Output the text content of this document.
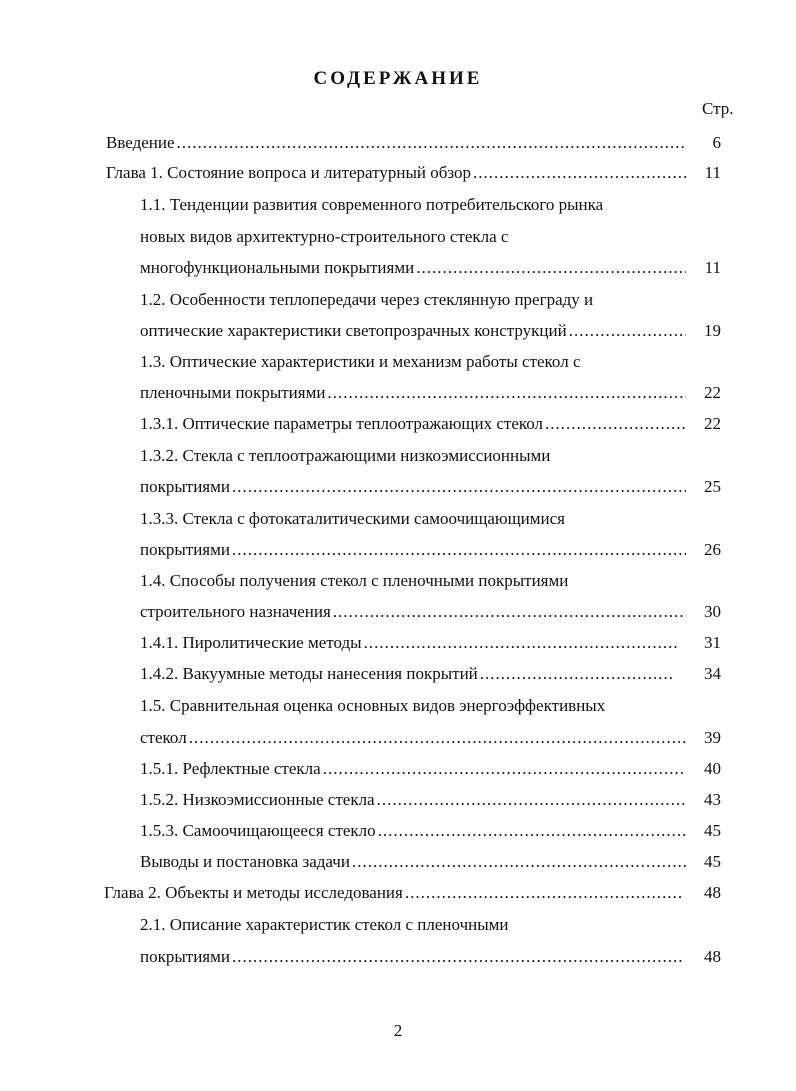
СОДЕРЖАНИЕ
Стр.
Введение .....	6
Глава 1. Состояние вопроса и литературный обзор .....	11
1.1. Тенденции развития современного потребительского рынка
новых видов архитектурно-строительного стекла с
многофункциональными покрытиями .....	11
1.2. Особенности теплопередачи через стеклянную преграду и
оптические характеристики светопрозрачных конструкций .....	19
1.3. Оптические характеристики и механизм работы стекол с
пленочными покрытиями .....	22
1.3.1. Оптические параметры теплоотражающих стекол .....	22
1.3.2. Стекла с теплоотражающими низкоэмиссионными
покрытиями .....	25
1.3.3. Стекла с фотокаталитическими самоочищающимися
покрытиями .....	26
1.4. Способы получения стекол с пленочными покрытиями
строительного назначения .....	30
1.4.1. Пиролитические методы .....	31
1.4.2. Вакуумные методы нанесения покрытий .....	34
1.5. Сравнительная оценка основных видов энергоэффективных
стекол .....	39
1.5.1. Рефлектные стекла .....	40
1.5.2. Низкоэмиссионные стекла .....	43
1.5.3. Самоочищающееся стекло .....	45
Выводы и постановка задачи .....	45
Глава 2. Объекты и методы исследования .....	48
2.1. Описание характеристик стекол с пленочными
покрытиями .....	48
2
